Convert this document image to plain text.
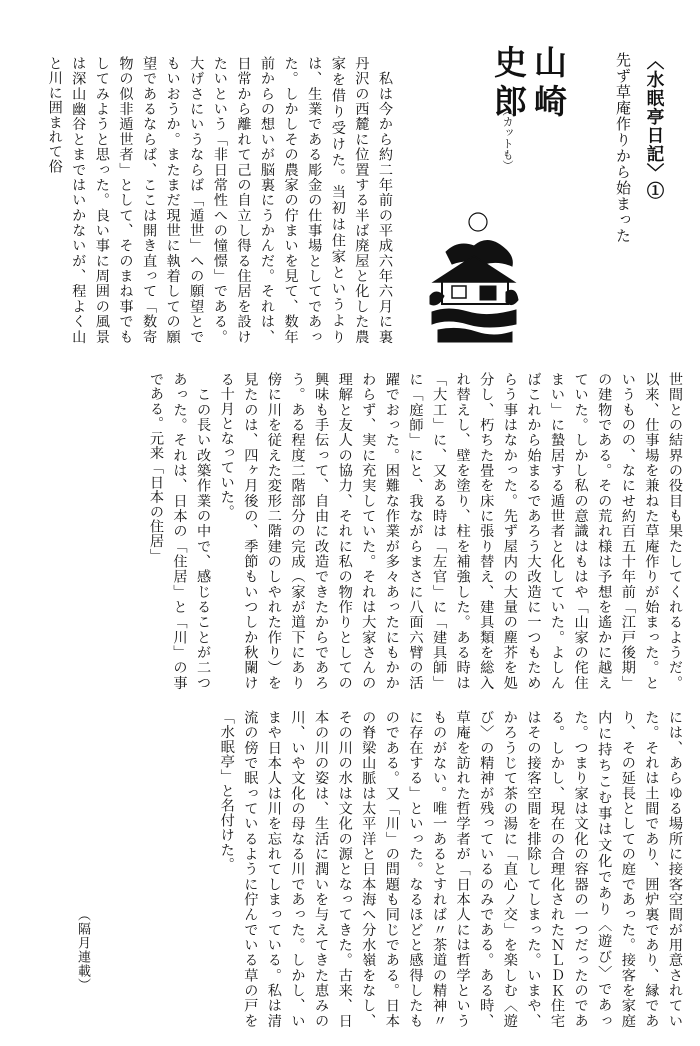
〈水眠亭日記〉①
先ず草庵作りから始まった
山崎　史郎
（カットも）
　私は今から約二年前の平成六年六月に裏丹沢の西麓に位置する半ば廃屋と化した農家を借り受けた。当初は住家というよりは、生業である彫金の仕事場としてであった。しかしその農家の佇まいを見て、数年前からの想いが脳裏にうかんだ。それは、日常から離れて己の自立し得る住居を設けたいという「非日常性への憧憬」である。大げさにいうならば「遁世」への願望とでもいおうか。またまだ現世に執着しての願望であるならば、ここは開き直って「数寄物の似非遁世者」として、そのまね事でもしてみようと思った。良い事に周囲の風景は深山幽谷とまではいかないが、程よく山と川に囲まれて俗
世間との結界の役目も果たしてくれるようだ。以来、仕事場を兼ねた草庵作りが始まった。というものの、なにせ約百五十年前「江戸後期」の建物である。その荒れ様は予想を遙かに越えていた。しかし私の意識はもはや「山家の侘住まい」に蟄居する遁世者と化していた。よしんばこれから始まるであろう大改造に一つもためらう事はなかった。先ず屋内の大量の塵芥を処分し、朽ちた畳を床に張り替え、建具類を総入れ替えし、壁を塗り、柱を補強した。ある時は「大工」に、又ある時は「左官」に「建具師」に「庭師」にと、我ながらまさに八面六臂の活躍でおった。困難な作業が多々あったにもかかわらず、実に充実していた。それは大家さんの理解と友人の協力、それに私の物作りとしての興味も手伝って、自由に改造できたからであろう。ある程度二階部分の完成（家が道下にあり傍に川を従えた変形二階建のしやれた作り）を見たのは、四ヶ月後の、季節もいつしか秋闌ける十月となっていた。
　この長い改築作業の中で、感じることが二つあった。それは、日本の「住居」と「川」の事である。元来「日本の住居」
には、あらゆる場所に接客空間が用意されていた。それは土間であり、囲炉裏であり、縁であり、その延長としての庭であった。接客を家庭内に持ちこむ事は文化であり〈遊び〉であった。つまり家は文化の容器の一つだったのである。しかし、現在の合理化されたＮＬＤＫ住宅はその接客空間を排除してしまった。いまや、かろうじて茶の湯に「直心ノ交」を楽しむ〈遊び〉の精神が残っているのみである。ある時、草庵を訪れた哲学者が「日本人には哲学というものがない。唯一あるとすれば〃茶道の精神〃に存在する」といった。なるほどと感得したものである。又「川」の問題も同じである。日本の脊梁山脈は太平洋と日本海へ分水嶺をなし、その川の水は文化の源となってきた。古来、日本の川の姿は、生活に潤いを与えてきた恵みの川、いや文化の母なる川であった。しかし、いまや日本人は川を忘れてしまっている。私は清流の傍で眠っているように佇んでいる草の戸を「水眠亭」と名付けた。
（隔月連載）
